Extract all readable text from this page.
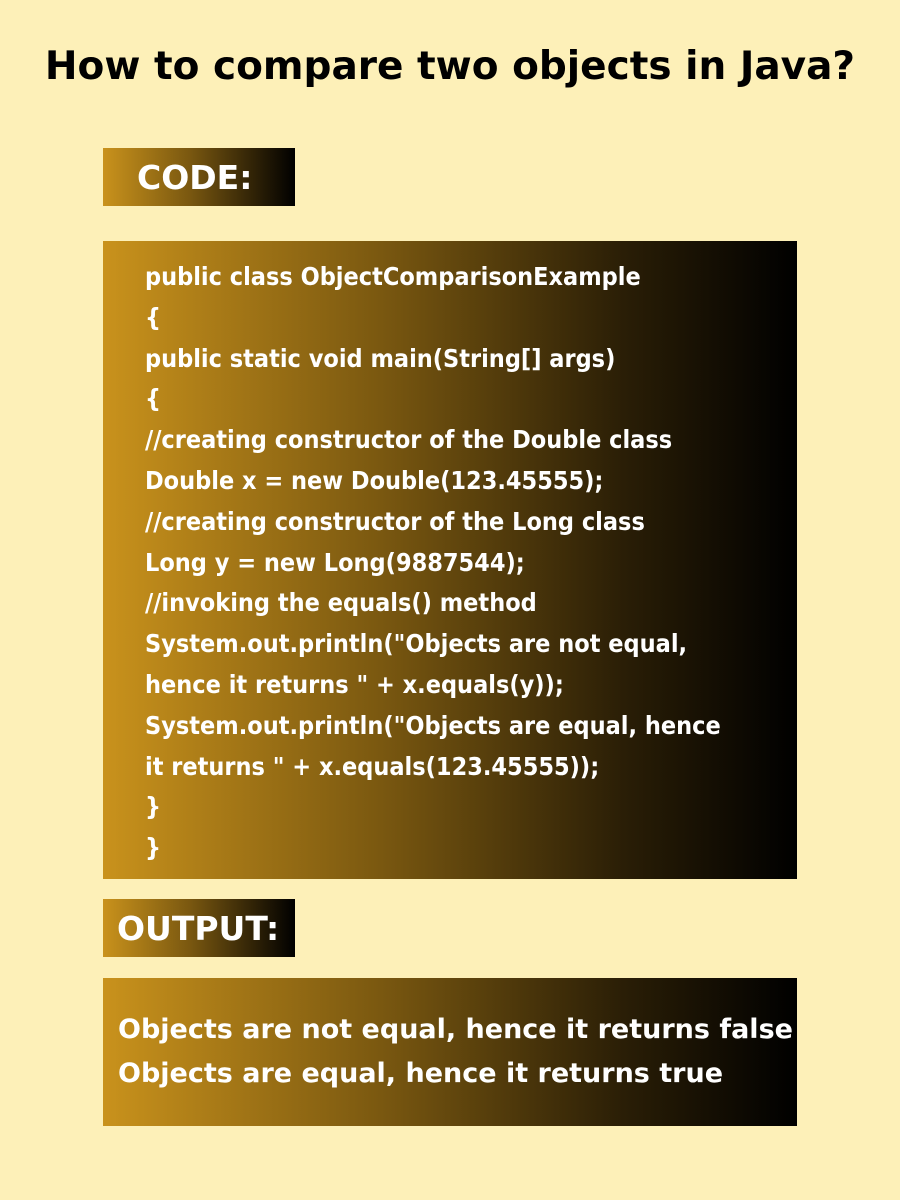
How to compare two objects in Java?
CODE:
public class ObjectComparisonExample
{
public static void main(String[] args)
{
//creating constructor of the Double class
Double x = new Double(123.45555);
//creating constructor of the Long class
Long y = new Long(9887544);
//invoking the equals() method
System.out.println("Objects are not equal,
hence it returns " + x.equals(y));
System.out.println("Objects are equal, hence
it returns " + x.equals(123.45555));
}
}
OUTPUT:
Objects are not equal, hence it returns false
Objects are equal, hence it returns true
